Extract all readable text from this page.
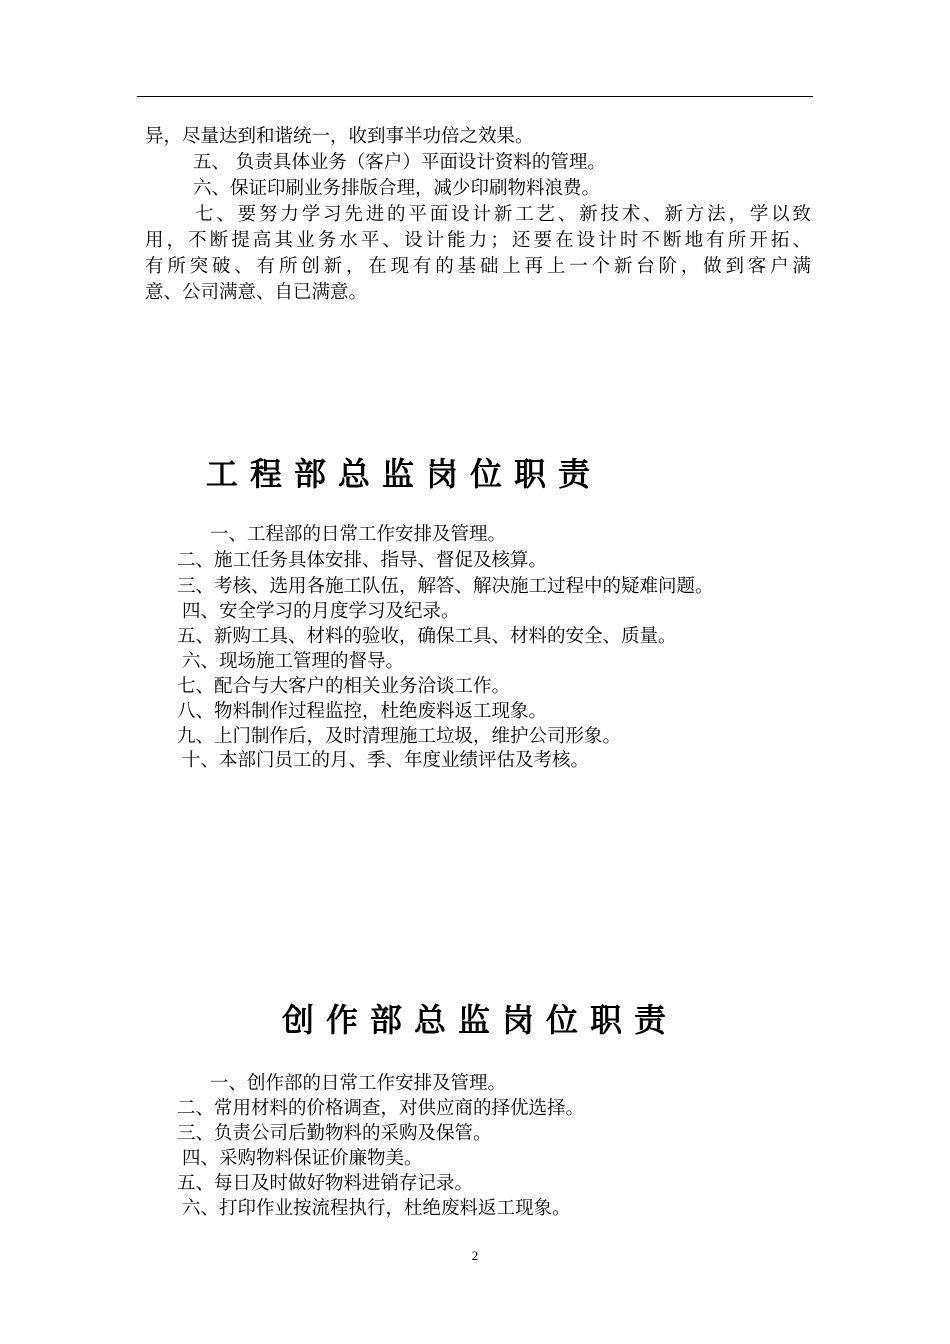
异，尽量达到和谐统一，收到事半功倍之效果。
五、 负责具体业务（客户）平面设计资料的管理。
六、保证印刷业务排版合理，减少印刷物料浪费。
七、要努力学习先进的平面设计新工艺、新技术、新方法，学以致
用，不断提高其业务水平、设计能力；还要在设计时不断地有所开拓、
有所突破、有所创新，在现有的基础上再上一个新台阶，做到客户满
意、公司满意、自已满意。
工程部总监岗位职责
一、工程部的日常工作安排及管理。
二、施工任务具体安排、指导、督促及核算。
三、考核、选用各施工队伍，解答、解决施工过程中的疑难问题。
四、安全学习的月度学习及纪录。
五、新购工具、材料的验收，确保工具、材料的安全、质量。
六、现场施工管理的督导。
七、配合与大客户的相关业务洽谈工作。
八、物料制作过程监控，杜绝废料返工现象。
九、上门制作后，及时清理施工垃圾，维护公司形象。
十、本部门员工的月、季、年度业绩评估及考核。
创作部总监岗位职责
一、创作部的日常工作安排及管理。
二、常用材料的价格调查，对供应商的择优选择。
三、负责公司后勤物料的采购及保管。
四、采购物料保证价廉物美。
五、每日及时做好物料进销存记录。
六、打印作业按流程执行，杜绝废料返工现象。
2
